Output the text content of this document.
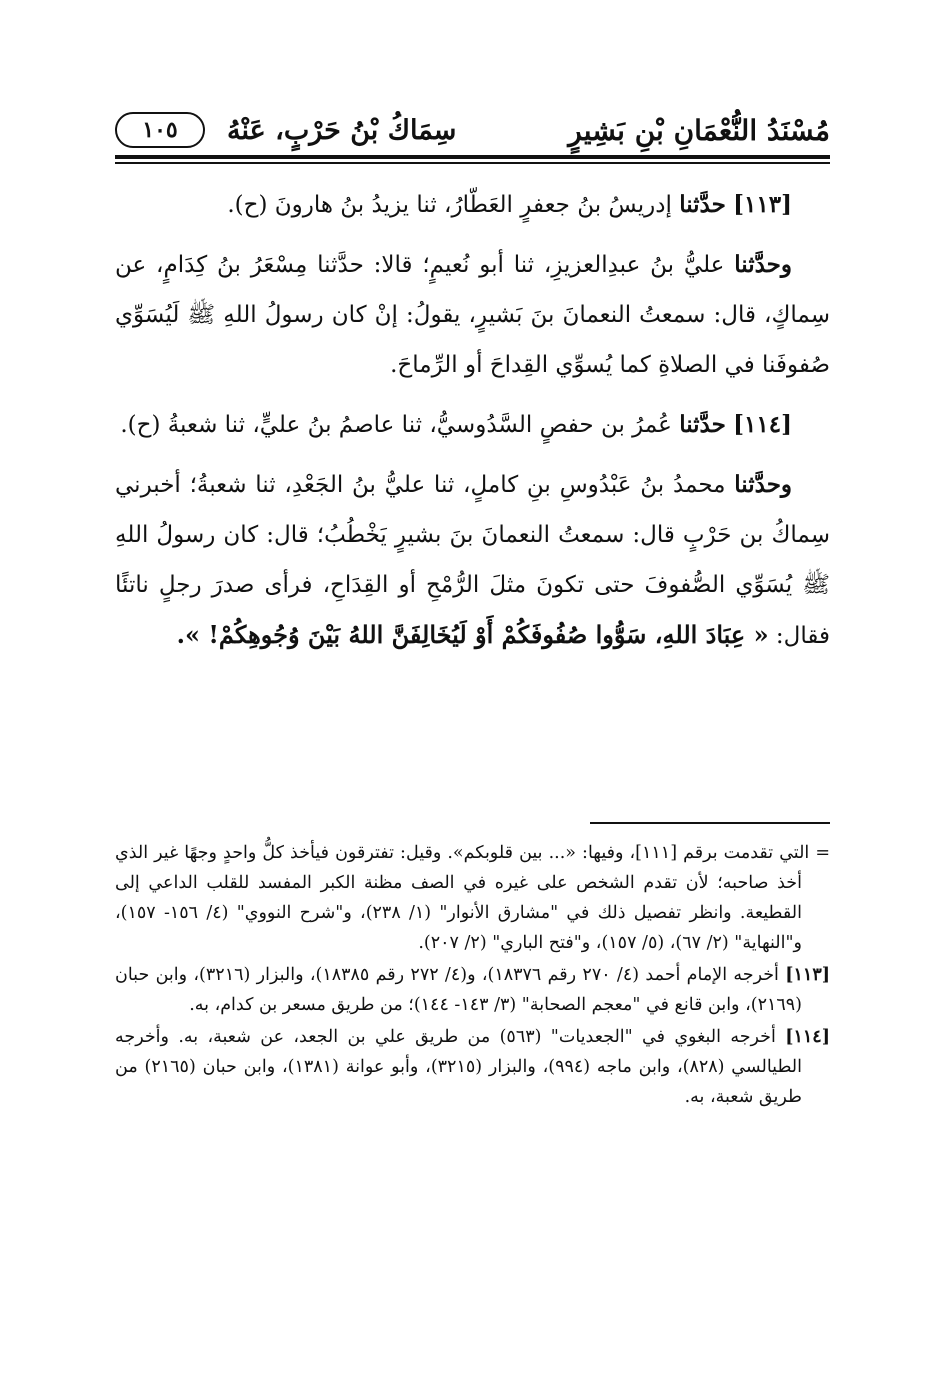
مُسْنَدُ النُّعْمَانِ بْنِ بَشِيرٍ
سِمَاكُ بْنُ حَرْبٍ، عَنْهُ
١٠٥

[١١٣] حدَّثنا إدريسُ بنُ جعفرٍ العَطّارُ، ثنا يزيدُ بنُ هارونَ (ح).

وحدَّثنا عليُّ بنُ عبدِالعزيزِ، ثنا أبو نُعيمٍ؛ قالا: حدَّثنا مِسْعَرُ بنُ كِدَامٍ، عن سِماكٍ، قال: سمعتُ النعمانَ بنَ بَشيرٍ، يقولُ: إنْ كان رسولُ اللهِ ﷺ لَيُسَوِّي صُفوفَنا في الصلاةِ كما يُسوِّي القِداحَ أو الرِّماحَ.

[١١٤] حدَّثنا عُمرُ بن حفصٍ السَّدُوسيُّ، ثنا عاصمُ بنُ عليٍّ، ثنا شعبةُ (ح).

وحدَّثنا محمدُ بنُ عَبْدُوسِ بنِ كاملٍ، ثنا عليُّ بنُ الجَعْدِ، ثنا شعبةُ؛ أخبرني سِماكُ بن حَرْبٍ قال: سمعتُ النعمانَ بنَ بشيرٍ يَخْطُبُ؛ قال: كان رسولُ اللهِ ﷺ يُسَوِّي الصُّفوفَ حتى تكونَ مثلَ الرُّمْحِ أو القِدَاحِ، فرأى صدرَ رجلٍ ناتئًا فقال: « عِبَادَ اللهِ، سَوُّوا صُفُوفَكُمْ أَوْ لَيُخَالِفَنَّ اللهُ بَيْنَ وُجُوهِكُمْ! ».

= التي تقدمت برقم [١١١]، وفيها: «... بين قلوبكم». وقيل: تفترقون فيأخذ كلُّ واحدٍ وجهًا غير الذي أخذ صاحبه؛ لأن تقدم الشخص على غيره في الصف مظنة الكبر المفسد للقلب الداعي إلى القطيعة. وانظر تفصيل ذلك في "مشارق الأنوار" (١/ ٢٣٨)، و"شرح النووي" (٤/ ١٥٦- ١٥٧)، و"النهاية" (٢/ ٦٧)، (٥/ ١٥٧)، و"فتح الباري" (٢/ ٢٠٧).

[١١٣] أخرجه الإمام أحمد (٤/ ٢٧٠ رقم ١٨٣٧٦)، و(٤/ ٢٧٢ رقم ١٨٣٨٥)، والبزار (٣٢١٦)، وابن حبان (٢١٦٩)، وابن قانع في "معجم الصحابة" (٣/ ١٤٣- ١٤٤)؛ من طريق مسعر بن كدام، به.

[١١٤] أخرجه البغوي في "الجعديات" (٥٦٣) من طريق علي بن الجعد، عن شعبة، به. وأخرجه الطيالسي (٨٢٨)، وابن ماجه (٩٩٤)، والبزار (٣٢١٥)، وأبو عوانة (١٣٨١)، وابن حبان (٢١٦٥) من طريق شعبة، به.
